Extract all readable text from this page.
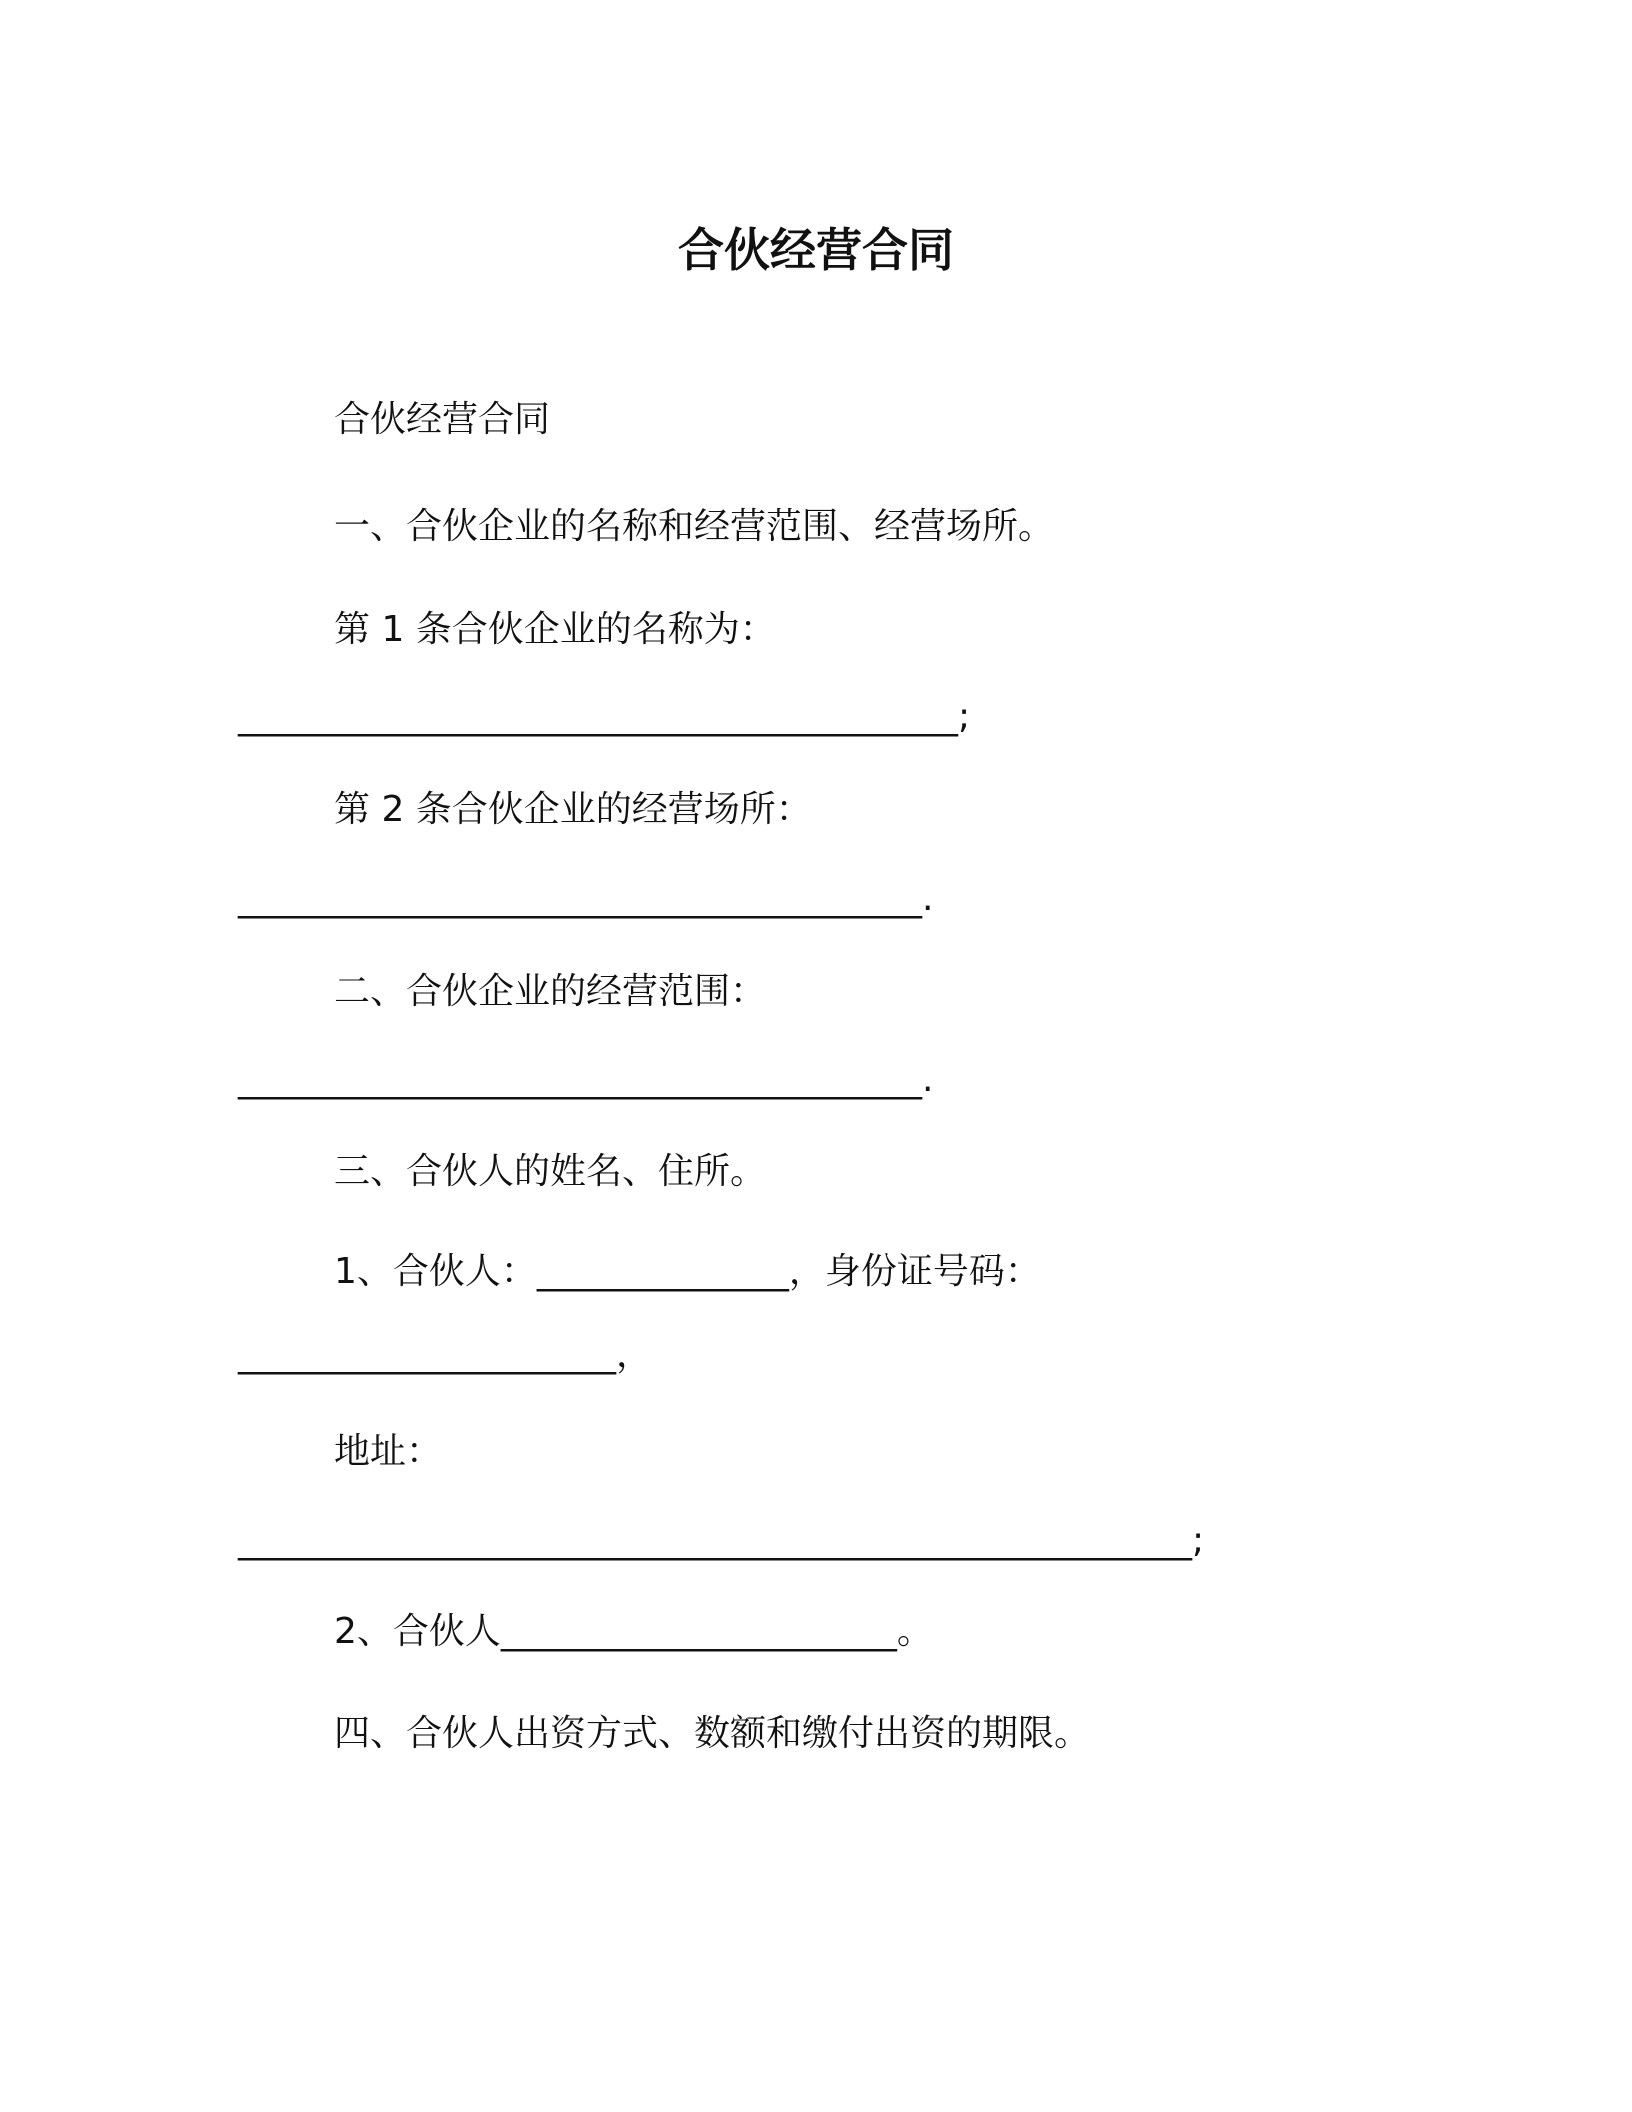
合伙经营合同
合伙经营合同
一、合伙企业的名称和经营范围、经营场所。
第 1 条合伙企业的名称为：
________________________________________;
第 2 条合伙企业的经营场所：
______________________________________.
二、合伙企业的经营范围：
______________________________________.
三、合伙人的姓名、住所。
1、合伙人：______________，身份证号码：
_____________________，
地址：
_____________________________________________________;
2、合伙人______________________。
四、合伙人出资方式、数额和缴付出资的期限。
